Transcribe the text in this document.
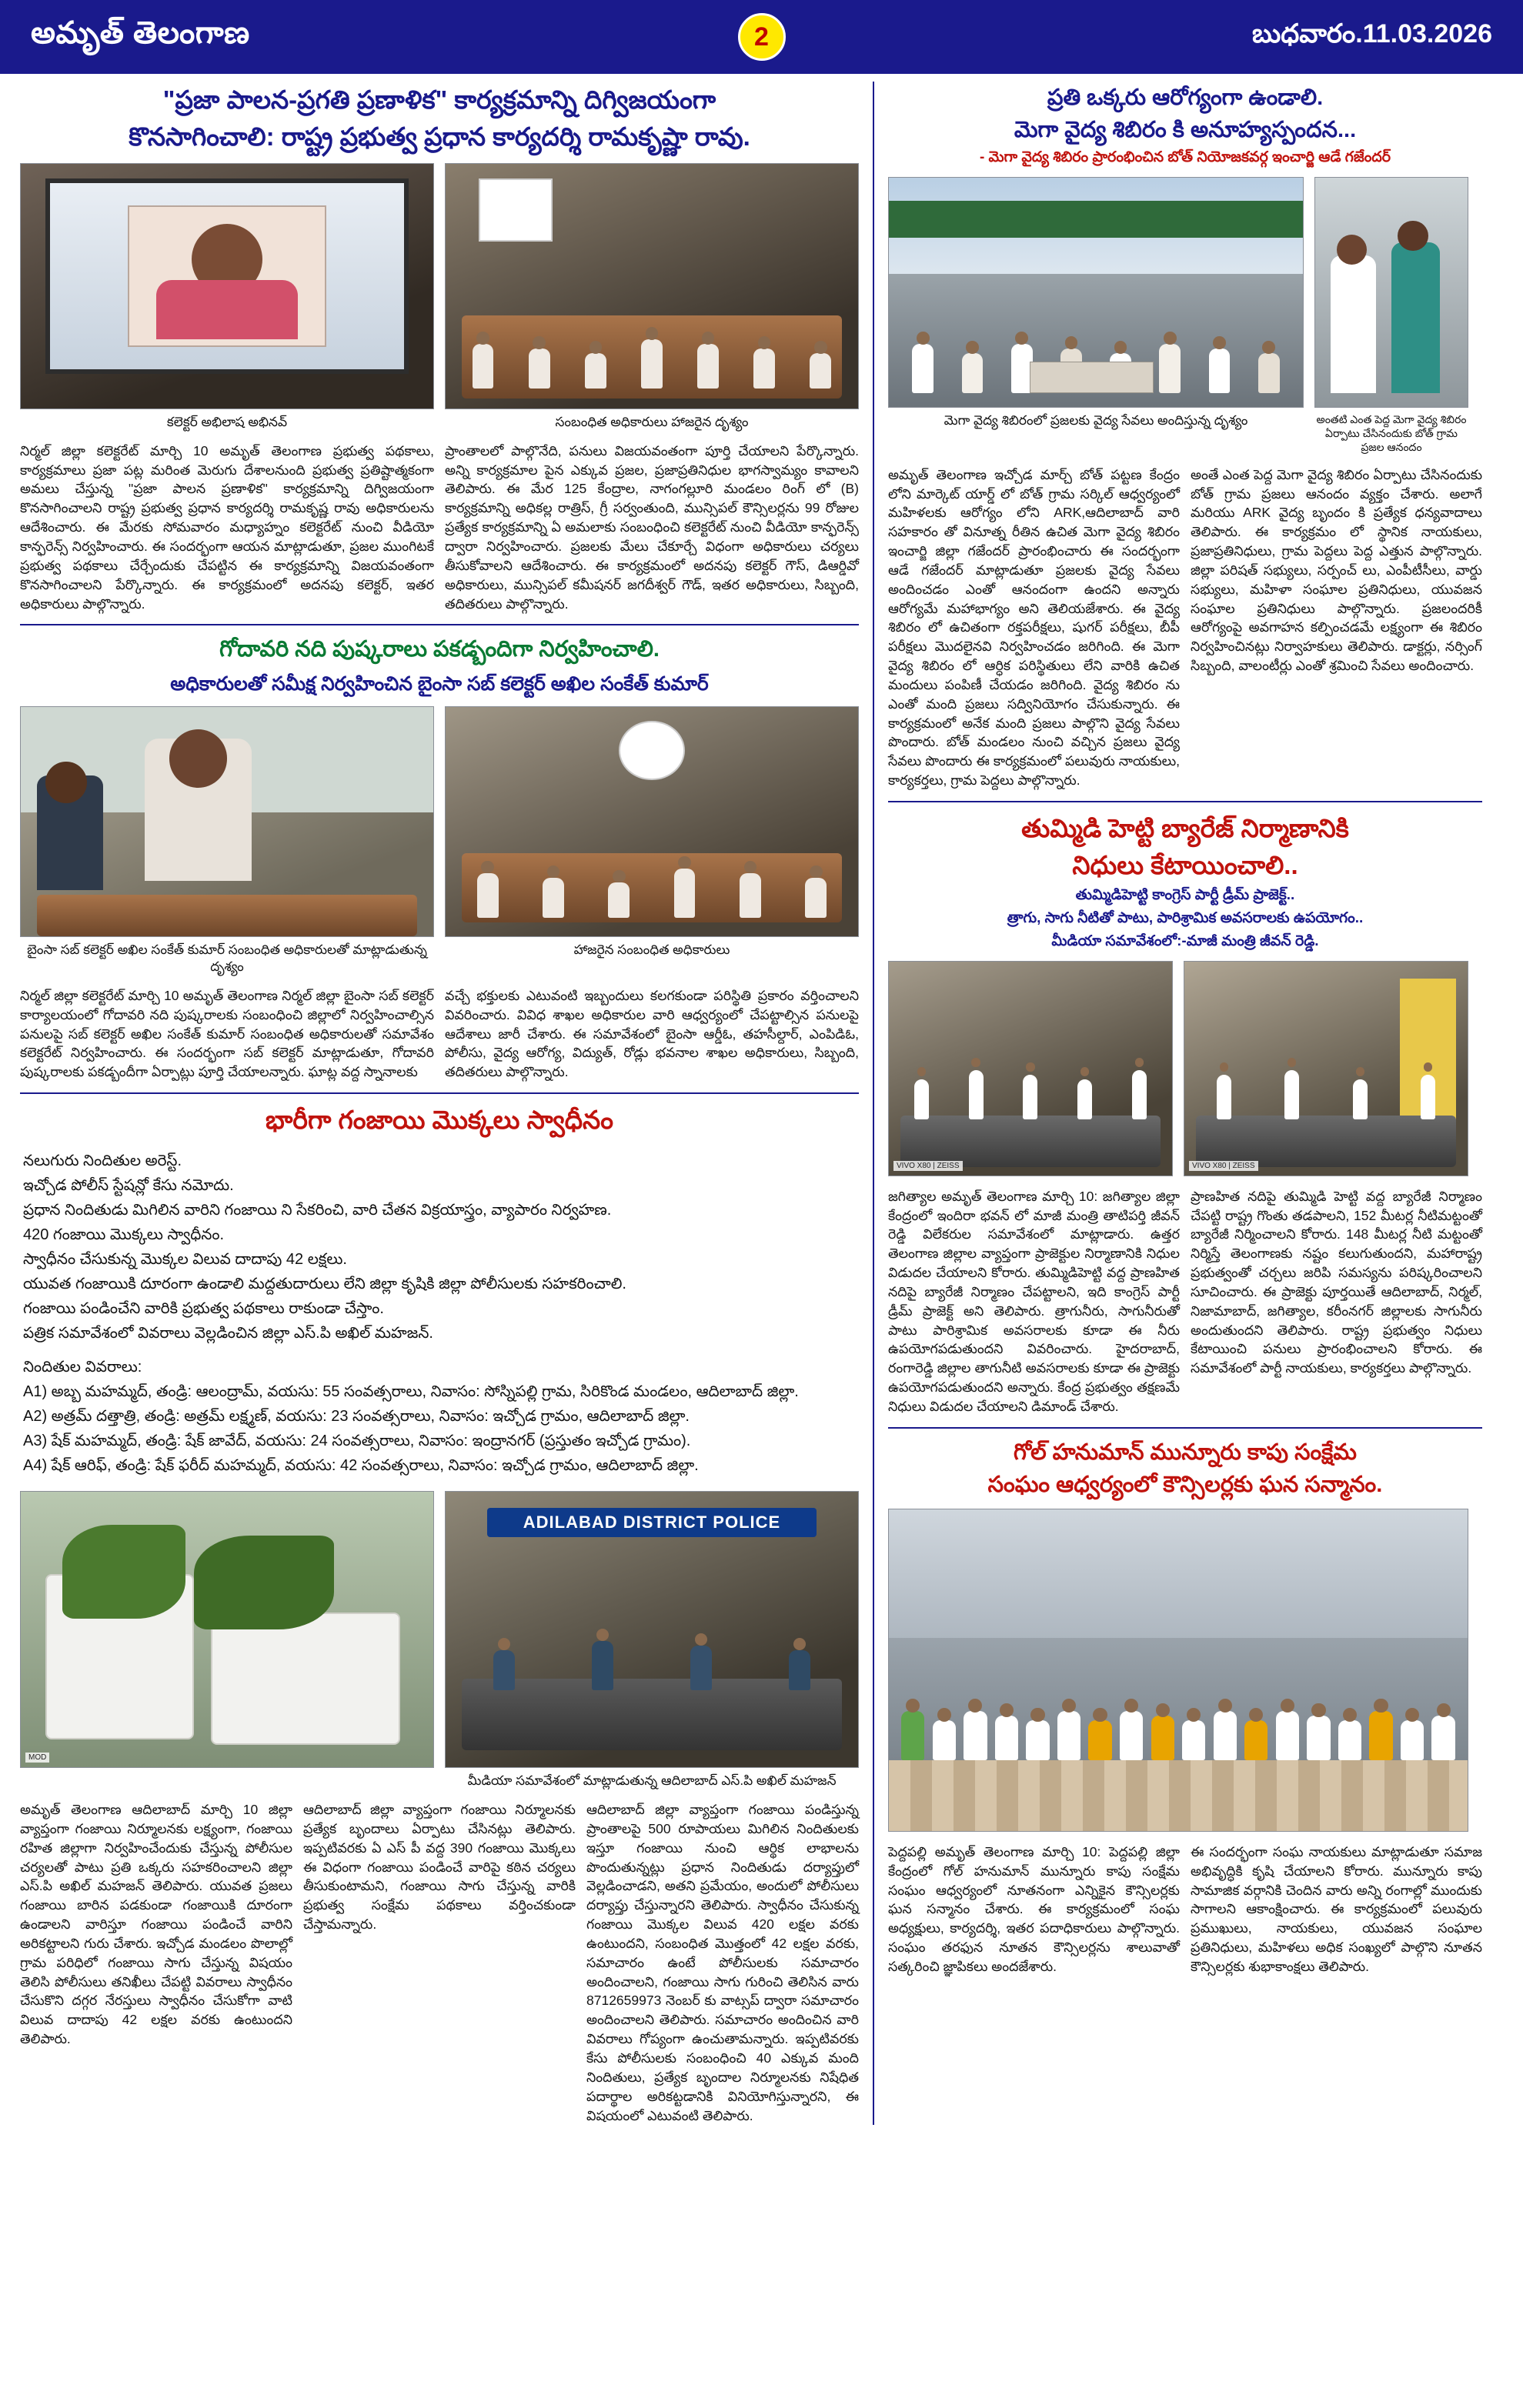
అమృత్ తెలంగాణ	2	బుధవారం.11.03.2026
"ప్రజా పాలన-ప్రగతి ప్రణాళిక" కార్యక్రమాన్ని దిగ్విజయంగా
కొనసాగించాలి: రాష్ట్ర ప్రభుత్వ ప్రధాన కార్యదర్శి రామకృష్ణా రావు.
కలెక్టర్ అభిలాష అభినవ్	సంబంధిత అధికారులు హాజరైన దృశ్యం

నిర్మల్ జిల్లా కలెక్టరేట్ మార్చి 10 అమృత్ తెలంగాణ ప్రభుత్వ పథకాలు, కార్యక్రమాలు ప్రజా పట్ల మరింత మెరుగు దేశాలనుంది ప్రభుత్వ ప్రతిష్టాత్మకంగా అమలు చేస్తున్న "ప్రజా పాలన ప్రణాళిక" కార్యక్రమాన్ని దిగ్విజయంగా కొనసాగించాలని రాష్ట్ర ప్రభుత్వ ప్రధాన కార్యదర్శి రామకృష్ణ రావు అధికారులను ఆదేశించారు. ఈ మేరకు సోమవారం మధ్యాహ్నం కలెక్టరేట్ నుంచి వీడియో కాన్ఫరెన్స్ నిర్వహించారు. ఈ సందర్భంగా ఆయన మాట్లాడుతూ, ప్రజల ముంగిటకే ప్రభుత్వ పథకాలు చేర్చేందుకు చేపట్టిన ఈ కార్యక్రమాన్ని విజయవంతంగా కొనసాగించాలని పేర్కొన్నారు. ఈ కార్యక్రమంలో అదనపు కలెక్టర్, ఇతర అధికారులు పాల్గొన్నారు.

ప్రాంతాలలో పాల్గొనేది, పనులు విజయవంతంగా పూర్తి చేయాలని పేర్కొన్నారు. అన్ని కార్యక్రమాల పైన ఎక్కువ ప్రజల, ప్రజాప్రతినిధుల భాగస్వామ్యం కావాలని తెలిపారు. ఈ మేర 125 కేంద్రాల, నాగంగల్లూరి మండలం రింగ్ లో (B) కార్యక్రమాన్ని అధికల్ల రాత్రిస్, గ్రీ సర్వంతుంది, మున్సిపల్ కౌన్సిలర్లను 99 రోజుల ప్రత్యేక కార్యక్రమాన్ని ఏ అమలాకు సంబంధించి కలెక్టరేట్ నుంచి వీడియో కాన్ఫరెన్స్ ద్వారా నిర్వహించారు. ప్రజలకు మేలు చేకూర్చే విధంగా అధికారులు చర్యలు తీసుకోవాలని ఆదేశించారు. ఈ కార్యక్రమంలో అదనపు కలెక్టర్ గౌస్, డిఆర్డివో అధికారులు, మున్సిపల్ కమీషనర్ జగదీశ్వర్ గౌడ్, ఇతర అధికారులు, సిబ్బంది, తదితరులు పాల్గొన్నారు.

గోదావరి నది పుష్కరాలు పకడ్బందిగా నిర్వహించాలి.
అధికారులతో సమీక్ష నిర్వహించిన బైంసా సబ్ కలెక్టర్ అఖిల సంకేత్ కుమార్
బైంసా సబ్ కలెక్టర్ అఖిల సంకేత్ కుమార్ సంబంధిత అధికారులతో మాట్లాడుతున్న దృశ్యం
హాజరైన సంబంధిత అధికారులు

నిర్మల్ జిల్లా కలెక్టరేట్ మార్చి 10 అమృత్ తెలంగాణ నిర్మల్ జిల్లా బైంసా సబ్ కలెక్టర్ కార్యాలయంలో గోదావరి నది పుష్కరాలకు సంబంధించి జిల్లాలో నిర్వహించాల్సిన పనులపై సబ్ కలెక్టర్ అఖిల సంకేత్ కుమార్ సంబంధిత అధికారులతో సమావేశం కలెక్టరేట్ నిర్వహించారు. ఈ సందర్భంగా సబ్ కలెక్టర్ మాట్లాడుతూ, గోదావరి పుష్కరాలకు పకడ్బందీగా ఏర్పాట్లు పూర్తి చేయాలన్నారు. ఘాట్ల వద్ద స్నానాలకు

వచ్చే భక్తులకు ఎటువంటి ఇబ్బందులు కలగకుండా పరిస్థితి ప్రకారం వర్తించాలని వివరించారు. వివిధ శాఖల అధికారుల వారి ఆధ్వర్యంలో చేపట్టాల్సిన పనులపై ఆదేశాలు జారీ చేశారు. ఈ సమావేశంలో బైంసా ఆర్డీఓ, తహసీల్దార్, ఎంపిడిఓ, పోలీసు, వైద్య ఆరోగ్య, విద్యుత్, రోడ్లు భవనాల శాఖల అధికారులు, సిబ్బంది, తదితరులు పాల్గొన్నారు.

భారీగా గంజాయి మొక్కలు స్వాధీనం
నలుగురు నిందితుల అరెస్ట్.
ఇచ్చోడ పోలీస్ స్టేషన్లో కేసు నమోదు.
ప్రధాన నిందితుడు మిగిలిన వారిని గంజాయి ని సేకరించి, వారి చేతన విక్రయాస్త్రం, వ్యాపారం నిర్వహణ.
420 గంజాయి మొక్కలు స్వాధీనం.
స్వాధీనం చేసుకున్న మొక్కల విలువ దాదాపు 42 లక్షలు.
యువత గంజాయికి దూరంగా ఉండాలి మద్దతుదారులు లేని జిల్లా కృషికి జిల్లా పోలీసులకు సహకరించాలి.
గంజాయి పండించేని వారికి ప్రభుత్వ పథకాలు రాకుండా చేస్తాం.
పత్రిక సమావేశంలో వివరాలు వెల్లడించిన జిల్లా ఎస్.పి అఖిల్ మహజన్.
నిందితుల వివరాలు:
A1) అబ్బ మహమ్మద్, తండ్రి: ఆలంద్రామ్, వయసు: 55 సంవత్సరాలు, నివాసం: సోస్నిపల్లి గ్రామ, సిరికొండ మండలం, ఆదిలాబాద్ జిల్లా.
A2) అత్రమ్ దత్తాత్రి, తండ్రి: అత్రమ్ లక్ష్మణ్, వయసు: 23 సంవత్సరాలు, నివాసం: ఇచ్చోడ గ్రామం, ఆదిలాబాద్ జిల్లా.
A3) షేక్ మహమ్మద్, తండ్రి: షేక్ జావేద్, వయసు: 24 సంవత్సరాలు, నివాసం: ఇంద్రానగర్ (ప్రస్తుతం ఇచ్చోడ గ్రామం).
A4) షేక్ ఆరిఫ్, తండ్రి: షేక్ ఫరీద్ మహమ్మద్, వయసు: 42 సంవత్సరాలు, నివాసం: ఇచ్చోడ గ్రామం, ఆదిలాబాద్ జిల్లా.
MOD
ADILABAD DISTRICT POLICE
మీడియా సమావేశంలో మాట్లాడుతున్న ఆదిలాబాద్ ఎస్.పి అఖిల్ మహజన్

అమృత్ తెలంగాణ ఆదిలాబాద్ మార్చి 10 జిల్లా వ్యాప్తంగా గంజాయి నిర్మూలనకు లక్ష్యంగా, గంజాయి రహిత జిల్లాగా నిర్వహించేందుకు చేస్తున్న పోలీసుల చర్యలతో పాటు ప్రతి ఒక్కరు సహకరించాలని జిల్లా ఎస్.పి అఖిల్ మహజన్ తెలిపారు. యువత ప్రజలు గంజాయి బారిన పడకుండా గంజాయికి దూరంగా ఉండాలని వారిస్తూ గంజాయి పండించే వారిని అరికట్టాలని గురు చేశారు. ఇచ్చోడ మండలం పొలాల్లో గ్రామ పరిధిలో గంజాయి సాగు చేస్తున్న విషయం తెలిసి పోలీసులు తనిఖీలు చేపట్టి వివరాలు స్వాధీనం చేసుకొని దగ్గర నేరస్తులు స్వాధీనం చేసుకోగా వాటి విలువ దాదాపు 42 లక్షల వరకు ఉంటుందని తెలిపారు.

ఆదిలాబాద్ జిల్లా వ్యాప్తంగా గంజాయి నిర్మూలనకు ప్రత్యేక బృందాలు ఏర్పాటు చేసినట్లు తెలిపారు. ఇప్పటివరకు ఏ ఎస్ పీ వద్ద 390 గంజాయి మొక్కలు ఈ విధంగా గంజాయి పండించే వారిపై కఠిన చర్యలు తీసుకుంటామని, గంజాయి సాగు చేస్తున్న వారికి ప్రభుత్వ సంక్షేమ పథకాలు వర్తించకుండా చేస్తామన్నారు.

ఆదిలాబాద్ జిల్లా వ్యాప్తంగా గంజాయి పండిస్తున్న ప్రాంతాలపై 500 రూపాయలు మిగిలిన నిందితులకు ఇస్తూ గంజాయి నుంచి ఆర్థిక లాభాలను పొందుతున్నట్లు ప్రధాన నిందితుడు దర్యాప్తులో వెల్లడించాడని, అతని ప్రమేయం, అందులో పోలీసులు దర్యాప్తు చేస్తున్నారని తెలిపారు. స్వాధీనం చేసుకున్న గంజాయి మొక్కల విలువ 420 లక్షల వరకు ఉంటుందని, సంబంధిత మొత్తంలో 42 లక్షల వరకు, సమాచారం ఉంటే పోలీసులకు సమాచారం అందించాలని, గంజాయి సాగు గురించి తెలిసిన వారు 8712659973 నెంబర్ కు వాట్సప్ ద్వారా సమాచారం అందించాలని తెలిపారు. సమాచారం అందించిన వారి వివరాలు గోప్యంగా ఉంచుతామన్నారు. ఇప్పటివరకు కేసు పోలీసులకు సంబంధించి 40 ఎక్కువ మంది నిందితులు, ప్రత్యేక బృందాల నిర్మూలనకు నిషేధిత పదార్థాల అరికట్టడానికి వినియోగిస్తున్నారని, ఈ విషయంలో ఎటువంటి తెలిపారు.

ప్రతి ఒక్కరు ఆరోగ్యంగా ఉండాలి.
మెగా వైద్య శిబిరం కి అనూహ్యస్పందన...
- మెగా వైద్య శిబిరం ప్రారంభించిన బోత్ నియోజకవర్గ ఇంచార్జి ఆడే గజేందర్
మెగా వైద్య శిబిరంలో ప్రజలకు వైద్య సేవలు అందిస్తున్న దృశ్యం	అంతటి ఎంత పెద్ద మెగా వైద్య శిబిరం ఏర్పాటు చేసినందుకు బోత్ గ్రామ ప్రజల ఆనందం

అమృత్ తెలంగాణ ఇచ్చోడ మార్చ్ బోత్ పట్టణ కేంద్రం లోని మార్కెట్ యార్డ్ లో బోత్ గ్రామ సర్కిల్ ఆధ్వర్యంలో మహిళలకు ఆరోగ్యం లోని ARK,ఆదిలాబాద్ వారి సహకారం తో వినూత్న రీతిన ఉచిత మెగా వైద్య శిబిరం ఇంచార్జి జిల్లా గజేందర్ ప్రారంభించారు ఈ సందర్భంగా ఆడే గజేందర్ మాట్లాడుతూ ప్రజలకు వైద్య సేవలు అందించడం ఎంతో ఆనందంగా ఉందని అన్నారు ఆరోగ్యమే మహాభాగ్యం అని తెలియజేశారు. ఈ వైద్య శిబిరం లో ఉచితంగా రక్తపరీక్షలు, షుగర్ పరీక్షలు, బీపీ పరీక్షలు మొదలైనవి నిర్వహించడం జరిగింది. ఈ మెగా వైద్య శిబిరం లో ఆర్ధిక పరిస్థితులు లేని వారికి ఉచిత మందులు పంపిణీ చేయడం జరిగింది. వైద్య శిబిరం ను ఎంతో మంది ప్రజలు సద్వినియోగం చేసుకున్నారు. ఈ కార్యక్రమంలో అనేక మంది ప్రజలు పాల్గొని వైద్య సేవలు పొందారు. బోత్ మండలం నుంచి వచ్చిన ప్రజలు వైద్య సేవలు పొందారు ఈ కార్యక్రమంలో పలువురు నాయకులు, కార్యకర్తలు, గ్రామ పెద్దలు పాల్గొన్నారు.

అంతే ఎంత పెద్ద మెగా వైద్య శిబిరం ఏర్పాటు చేసినందుకు బోత్ గ్రామ ప్రజలు ఆనందం వ్యక్తం చేశారు. అలాగే మరియు ARK వైద్య బృందం కి ప్రత్యేక ధన్యవాదాలు తెలిపారు. ఈ కార్యక్రమం లో స్థానిక నాయకులు, ప్రజాప్రతినిధులు, గ్రామ పెద్దలు పెద్ద ఎత్తున పాల్గొన్నారు. జిల్లా పరిషత్ సభ్యులు, సర్పంచ్ లు, ఎంపీటీసీలు, వార్డు సభ్యులు, మహిళా సంఘాల ప్రతినిధులు, యువజన సంఘాల ప్రతినిధులు పాల్గొన్నారు. ప్రజలందరికీ ఆరోగ్యంపై అవగాహన కల్పించడమే లక్ష్యంగా ఈ శిబిరం నిర్వహించినట్లు నిర్వాహకులు తెలిపారు. డాక్టర్లు, నర్సింగ్ సిబ్బంది, వాలంటీర్లు ఎంతో శ్రమించి సేవలు అందించారు.

తుమ్మిడి హెట్టి బ్యారేజ్ నిర్మాణానికి
నిధులు కేటాయించాలి..
తుమ్మిడిహెట్టి కాంగ్రెస్ పార్టీ డ్రీమ్ ప్రాజెక్ట్..
త్రాగు, సాగు నీటితో పాటు, పారిశ్రామిక అవసరాలకు ఉపయోగం..
మీడియా సమావేశంలో:-మాజీ మంత్రి జీవన్ రెడ్డి.
VIVO X80 | ZEISS	VIVO X80 | ZEISS

జగిత్యాల అమృత్ తెలంగాణ మార్చి 10: జగిత్యాల జిల్లా కేంద్రంలో ఇందిరా భవన్ లో మాజీ మంత్రి తాటిపర్తి జీవన్ రెడ్డి విలేకరుల సమావేశంలో మాట్లాడారు. ఉత్తర తెలంగాణ జిల్లాల వ్యాప్తంగా ప్రాజెక్టుల నిర్మాణానికి నిధుల విడుదల చేయాలని కోరారు. తుమ్మిడిహెట్టి వద్ద ప్రాణహిత నదిపై బ్యారేజీ నిర్మాణం చేపట్టాలని, ఇది కాంగ్రెస్ పార్టీ డ్రీమ్ ప్రాజెక్ట్ అని తెలిపారు. త్రాగునీరు, సాగునీరుతో పాటు పారిశ్రామిక అవసరాలకు కూడా ఈ నీరు ఉపయోగపడుతుందని వివరించారు. హైదరాబాద్, రంగారెడ్డి జిల్లాల తాగునీటి అవసరాలకు కూడా ఈ ప్రాజెక్టు ఉపయోగపడుతుందని అన్నారు. కేంద్ర ప్రభుత్వం తక్షణమే నిధులు విడుదల చేయాలని డిమాండ్ చేశారు.

ప్రాణహిత నదిపై తుమ్మిడి హెట్టి వద్ద బ్యారేజీ నిర్మాణం చేపట్టి రాష్ట్ర గొంతు తడపాలని, 152 మీటర్ల నీటిమట్టంతో బ్యారేజీ నిర్మించాలని కోరారు. 148 మీటర్ల నీటి మట్టంతో నిర్మిస్తే తెలంగాణకు నష్టం కలుగుతుందని, మహారాష్ట్ర ప్రభుత్వంతో చర్చలు జరిపి సమస్యను పరిష్కరించాలని సూచించారు. ఈ ప్రాజెక్టు పూర్తయితే ఆదిలాబాద్, నిర్మల్, నిజామాబాద్, జగిత్యాల, కరీంనగర్ జిల్లాలకు సాగునీరు అందుతుందని తెలిపారు. రాష్ట్ర ప్రభుత్వం నిధులు కేటాయించి పనులు ప్రారంభించాలని కోరారు. ఈ సమావేశంలో పార్టీ నాయకులు, కార్యకర్తలు పాల్గొన్నారు.

గోల్ హనుమాన్ మున్నూరు కాపు సంక్షేమ
సంఘం ఆధ్వర్యంలో కౌన్సిలర్లకు ఘన సన్మానం.

పెద్దపల్లి అమృత్ తెలంగాణ మార్చి 10: పెద్దపల్లి జిల్లా కేంద్రంలో గోల్ హనుమాన్ మున్నూరు కాపు సంక్షేమ సంఘం ఆధ్వర్యంలో నూతనంగా ఎన్నికైన కౌన్సిలర్లకు ఘన సన్మానం చేశారు. ఈ కార్యక్రమంలో సంఘ అధ్యక్షులు, కార్యదర్శి, ఇతర పదాధికారులు పాల్గొన్నారు. సంఘం తరఫున నూతన కౌన్సిలర్లను శాలువాతో సత్కరించి జ్ఞాపికలు అందజేశారు.

ఈ సందర్భంగా సంఘ నాయకులు మాట్లాడుతూ సమాజ అభివృద్ధికి కృషి చేయాలని కోరారు. మున్నూరు కాపు సామాజిక వర్గానికి చెందిన వారు అన్ని రంగాల్లో ముందుకు సాగాలని ఆకాంక్షించారు. ఈ కార్యక్రమంలో పలువురు ప్రముఖులు, నాయకులు, యువజన సంఘాల ప్రతినిధులు, మహిళలు అధిక సంఖ్యలో పాల్గొని నూతన కౌన్సిలర్లకు శుభాకాంక్షలు తెలిపారు.
